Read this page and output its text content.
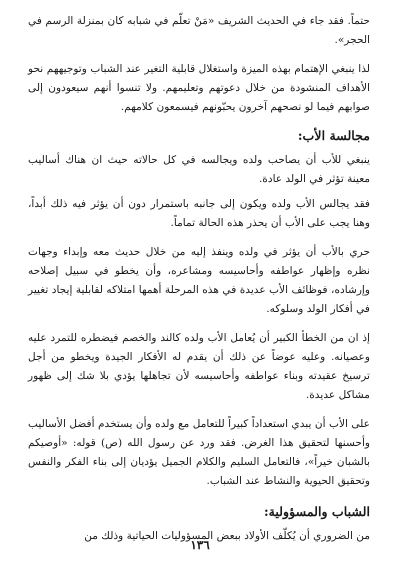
حتماً. فقد جاء في الحديث الشريف «مَنْ تعلّم في شبابه كان بمنزلة الرسم في الحجر».

لذا ينبغي الإهتمام بهذه الميزة واستغلال قابلية التغير عند الشباب وتوجيههم نحو الأهداف المنشودة من خلال دعوتهم وتعليمهم. ولا تنسوا أنهم سيعودون إلى صوابهم فيما لو نصحهم آخرون يحبّونهم فيسمعون كلامهم.

مجالسة الأب:

ينبغي للأب أن يصاحب ولده ويجالسه في كل حالاته حيث ان هناك أساليب معينة تؤثر في الولد عادة.

فقد يجالس الأب ولده ويكون إلى جانبه باستمرار دون أن يؤثر فيه ذلك أبداً، وهنا يجب على الأب أن يحذر هذه الحالة تماماً.

حري بالأب أن يؤثر في ولده وينفذ إليه من خلال حديث معه وإبداء وجهات نظره وإظهار عواطفه وأحاسيسه ومشاعره، وأن يخطو في سبيل إصلاحه وإرشاده، فوظائف الأب عديدة في هذه المرحلة أهمها امتلاكه لقابلية إيجاد تغيير في أفكار الولد وسلوكه.

إذ ان من الخطأ الكبير أن يُعامل الأب ولده كالند والخصم فيضطره للتمرد عليه وعصيانه. وعليه عوضاً عن ذلك أن يقدم له الأفكار الجيدة ويخطو من أجل ترسيخ عقيدته وبناء عواطفه وأحاسيسه لأن تجاهلها يؤدي بلا شك إلى ظهور مشاكل عديدة.

على الأب أن يبدي استعداداً كبيراً للتعامل مع ولده وأن يستخدم أفضل الأساليب وأحسنها لتحقيق هذا الغرض. فقد ورد عن رسول الله (ص) قوله: «أوصيكم بالشبان خيراً»، فالتعامل السليم والكلام الجميل يؤديان إلى بناء الفكر والنفس وتحقيق الحيوية والنشاط عند الشباب.

الشباب والمسؤولية:

من الضروري أن يُكلّف الأولاد ببعض المسؤوليات الحياتية وذلك من

١٣٦
